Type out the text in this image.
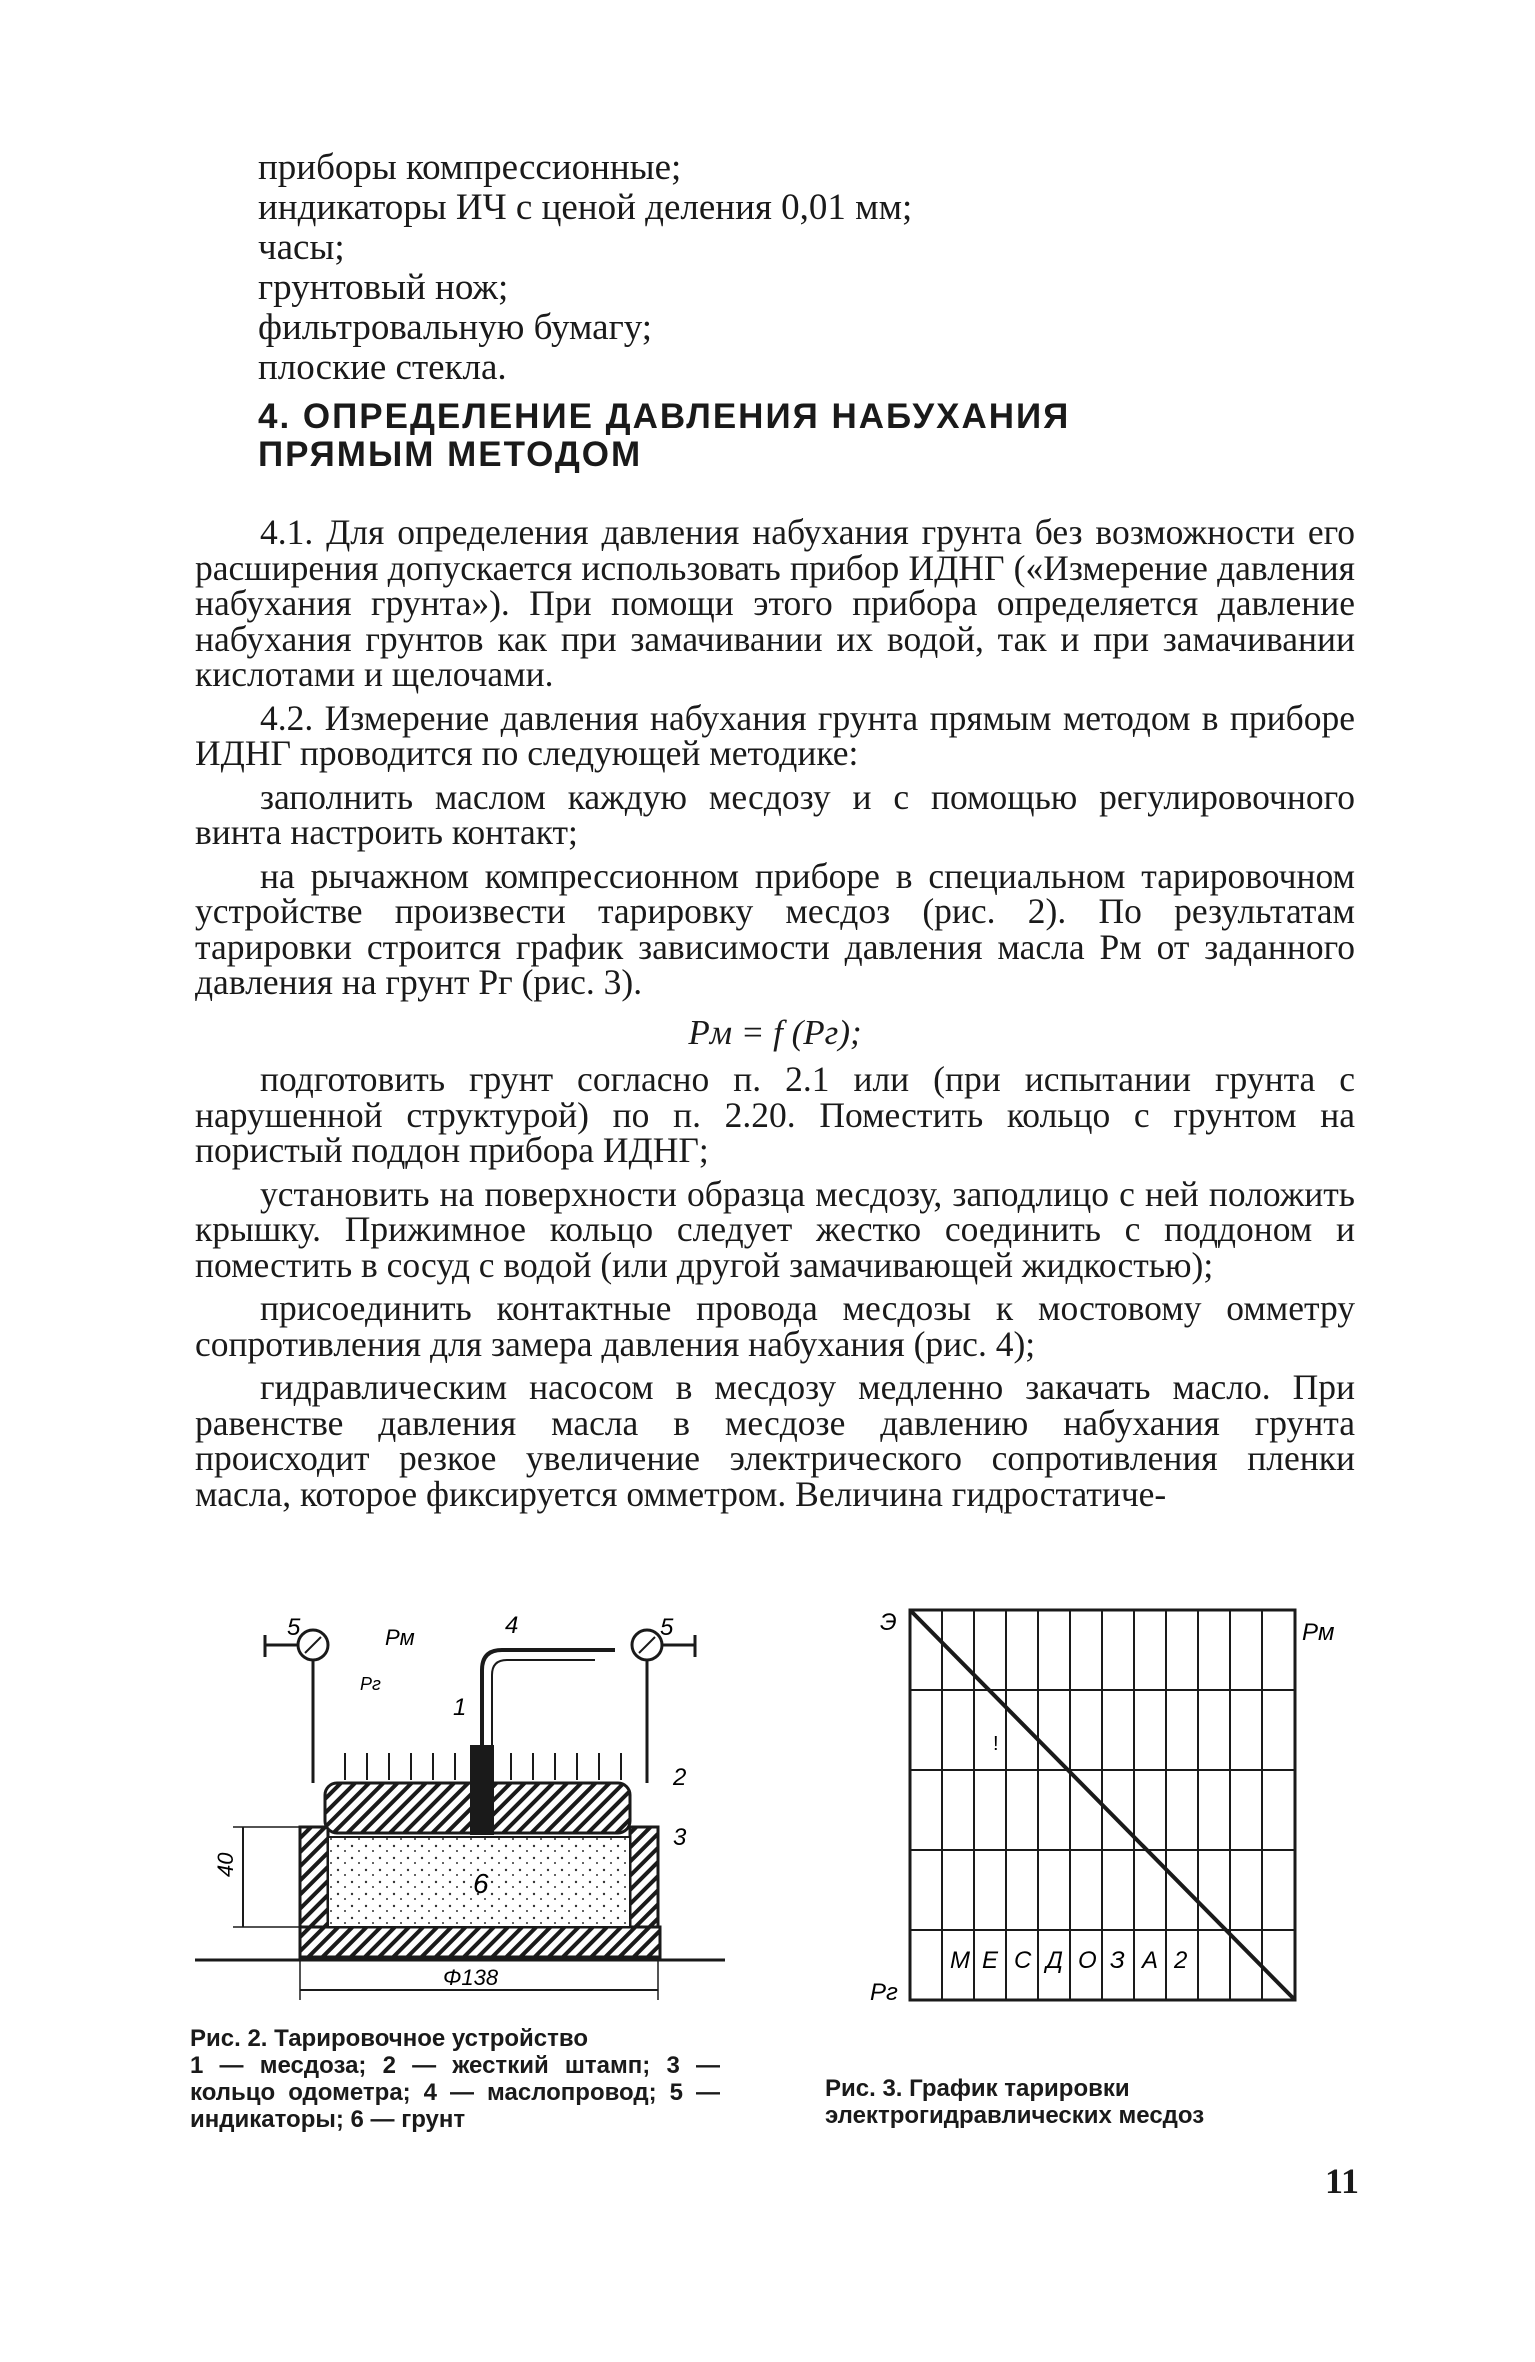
приборы компрессионные;
индикаторы ИЧ с ценой деления 0,01 мм;
часы;
грунтовый нож;
фильтровальную бумагу;
плоские стекла.
4. ОПРЕДЕЛЕНИЕ ДАВЛЕНИЯ НАБУХАНИЯ
ПРЯМЫМ МЕТОДОМ

4.1. Для определения давления набухания грунта без возможности его расширения допускается использовать прибор ИДНГ («Измерение давления набухания грунта»). При помощи этого прибора определяется давление набухания грунтов как при замачивании их водой, так и при замачивании кислотами и щелочами.

4.2. Измерение давления набухания грунта прямым методом в приборе ИДНГ проводится по следующей методике:

заполнить маслом каждую месдозу и с помощью регулировочного винта настроить контакт;

на рычажном компрессионном приборе в специальном тарировочном устройстве произвести тарировку месдоз (рис. 2). По результатам тарировки строится график зависимости давления масла Pм от заданного давления на грунт Pг (рис. 3).

Pм = f (Pг);

подготовить грунт согласно п. 2.1 или (при испытании грунта с нарушенной структурой) по п. 2.20. Поместить кольцо с грунтом на пористый поддон прибора ИДНГ;

установить на поверхности образца месдозу, заподлицо с ней положить крышку. Прижимное кольцо следует жестко соединить с поддоном и поместить в сосуд с водой (или другой замачивающей жидкостью);

присоединить контактные провода месдозы к мостовому омметру сопротивления для замера давления набухания (рис. 4);

гидравлическим насосом в месдозу медленно закачать масло. При равенстве давления масла в месдозе давлению набухания грунта происходит резкое увеличение электрического сопротивления пленки масла, которое фиксируется омметром. Величина гидростатиче-

5	5
4
Pм
Pг
1
2
3
6
40
Φ138
Э	Pм
Pг
!
М Е С Д О З А 2
Рис. 2. Тарировочное устройство
1 — месдоза; 2 — жесткий штамп; 3 — кольцо одометра; 4 — маслопровод; 5 — индикаторы; 6 — грунт
Рис. 3. График тарировки электрогидравлических месдоз
11
